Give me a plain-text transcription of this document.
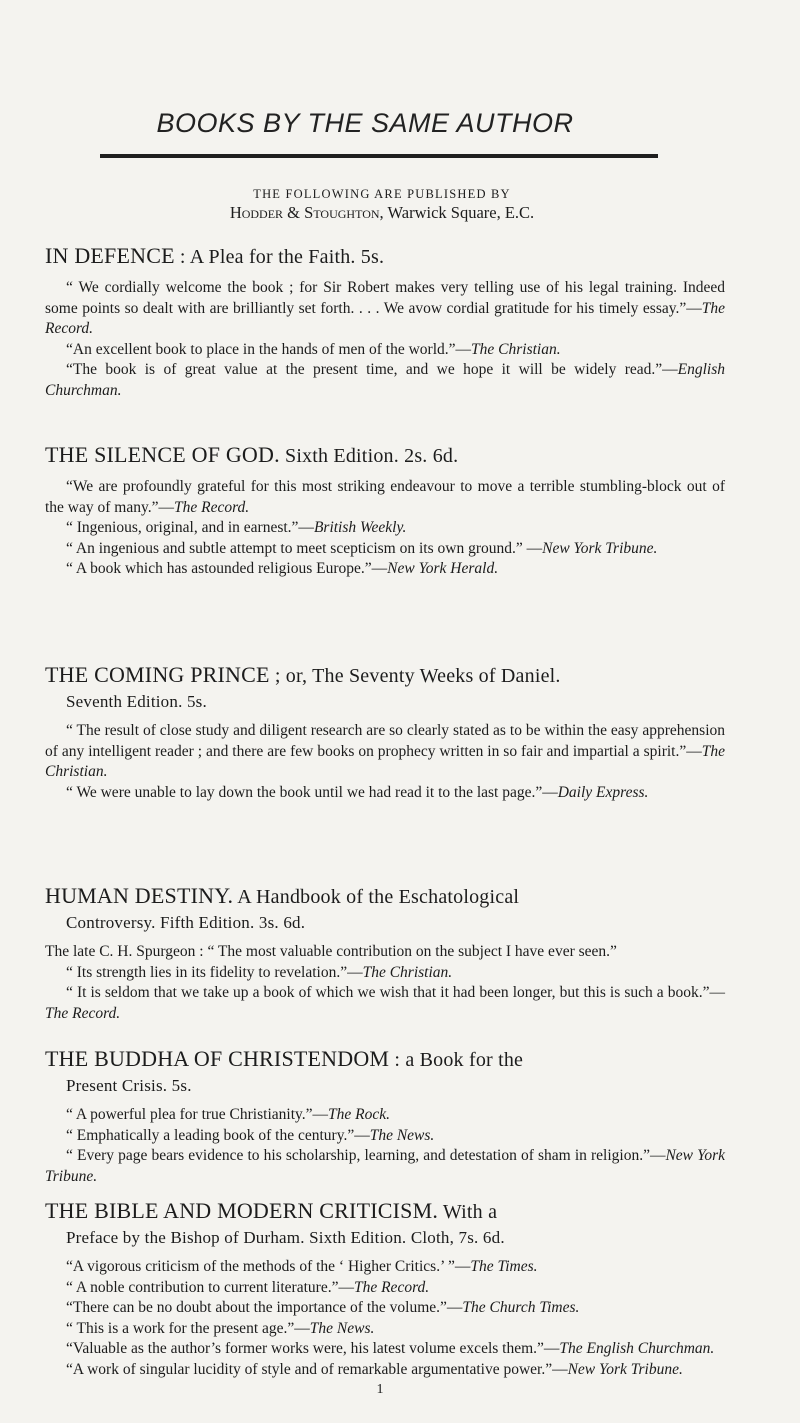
BOOKS BY THE SAME AUTHOR
THE FOLLOWING ARE PUBLISHED BY
Hodder & Stoughton, Warwick Square, E.C.
IN DEFENCE : A Plea for the Faith. 5s.

“ We cordially welcome the book ; for Sir Robert makes very telling use of his legal training. Indeed some points so dealt with are brilliantly set forth. . . . We avow cordial gratitude for his timely essay.”—The Record.

“An excellent book to place in the hands of men of the world.”—The Christian.

“The book is of great value at the present time, and we hope it will be widely read.”—English Churchman.

THE SILENCE OF GOD. Sixth Edition. 2s. 6d.

“We are profoundly grateful for this most striking endeavour to move a terrible stumbling-block out of the way of many.”—The Record.

“ Ingenious, original, and in earnest.”—British Weekly.

“ An ingenious and subtle attempt to meet scepticism on its own ground.” —New York Tribune.

“ A book which has astounded religious Europe.”—New York Herald.

THE COMING PRINCE ; or, The Seventy Weeks of Daniel.
Seventh Edition. 5s.

“ The result of close study and diligent research are so clearly stated as to be within the easy apprehension of any intelligent reader ; and there are few books on prophecy written in so fair and impartial a spirit.”—The Christian.

“ We were unable to lay down the book until we had read it to the last page.”—Daily Express.

HUMAN DESTINY. A Handbook of the Eschatological
Controversy. Fifth Edition. 3s. 6d.

The late C. H. Spurgeon : “ The most valuable contribution on the subject I have ever seen.”

“ Its strength lies in its fidelity to revelation.”—The Christian.

“ It is seldom that we take up a book of which we wish that it had been longer, but this is such a book.”—The Record.

THE BUDDHA OF CHRISTENDOM : a Book for the
Present Crisis. 5s.

“ A powerful plea for true Christianity.”—The Rock.

“ Emphatically a leading book of the century.”—The News.

“ Every page bears evidence to his scholarship, learning, and detestation of sham in religion.”—New York Tribune.

THE BIBLE AND MODERN CRITICISM. With a
Preface by the Bishop of Durham. Sixth Edition. Cloth, 7s. 6d.

“A vigorous criticism of the methods of the ‘ Higher Critics.’ ”—The Times.

“ A noble contribution to current literature.”—The Record.

“There can be no doubt about the importance of the volume.”—The Church Times.

“ This is a work for the present age.”—The News.

“Valuable as the author’s former works were, his latest volume excels them.”—The English Churchman.

“A work of singular lucidity of style and of remarkable argumentative power.”—New York Tribune.

1
